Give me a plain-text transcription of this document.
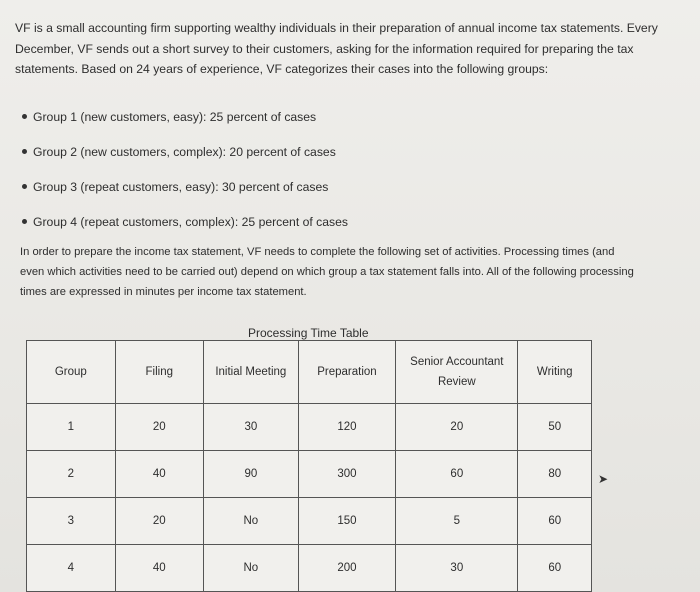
VF is a small accounting firm supporting wealthy individuals in their preparation of annual income tax statements. Every December, VF sends out a short survey to their customers, asking for the information required for preparing the tax statements. Based on 24 years of experience, VF categorizes their cases into the following groups:

Group 1 (new customers, easy): 25 percent of cases
Group 2 (new customers, complex): 20 percent of cases
Group 3 (repeat customers, easy): 30 percent of cases
Group 4 (repeat customers, complex): 25 percent of cases

In order to prepare the income tax statement, VF needs to complete the following set of activities. Processing times (and even which activities need to be carried out) depend on which group a tax statement falls into. All of the following processing times are expressed in minutes per income tax statement.

Processing Time Table
Group	Filing	Initial Meeting	Preparation	Senior Accountant Review	Writing
1	20	30	120	20	50
2	40	90	300	60	80
3	20	No	150	5	60
4	40	No	200	30	60
➤
